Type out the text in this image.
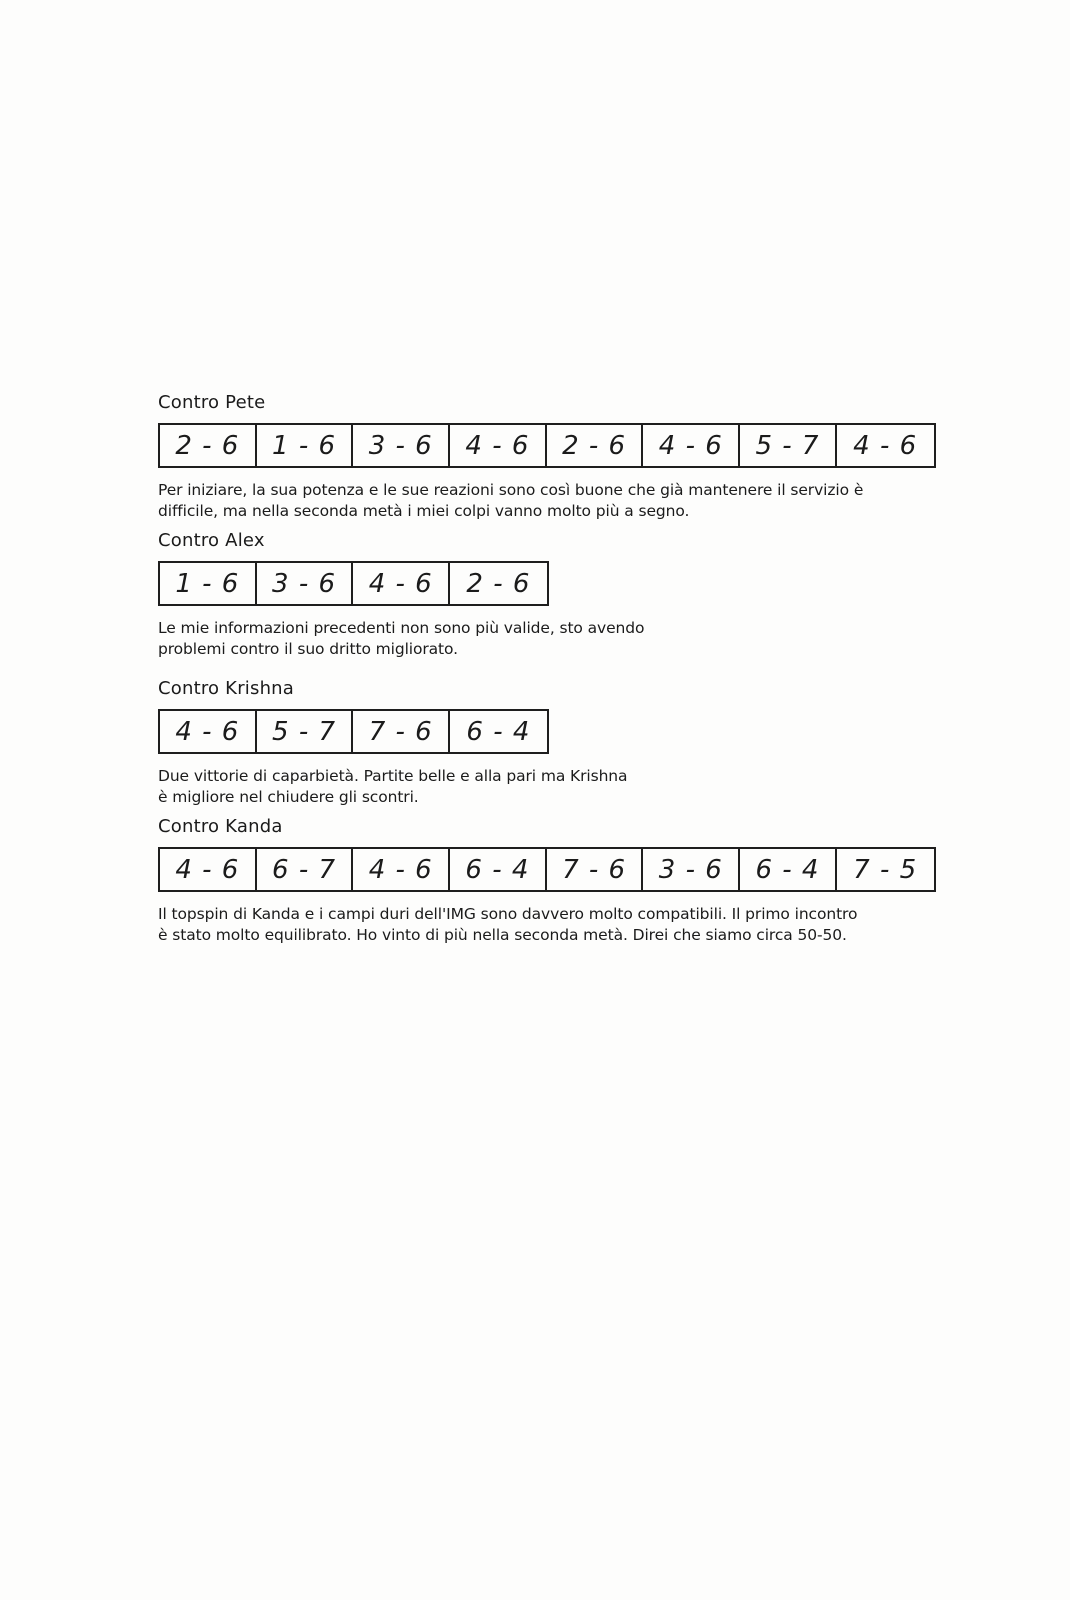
Contro Pete
2 - 6	1 - 6	3 - 6	4 - 6	2 - 6	4 - 6	5 - 7	4 - 6

Per iniziare, la sua potenza e le sue reazioni sono così buone che già mantenere il servizio è
difficile, ma nella seconda metà i miei colpi vanno molto più a segno.

Contro Alex
1 - 6	3 - 6	4 - 6	2 - 6

Le mie informazioni precedenti non sono più valide, sto avendo
problemi contro il suo dritto migliorato.

Contro Krishna
4 - 6	5 - 7	7 - 6	6 - 4

Due vittorie di caparbietà. Partite belle e alla pari ma Krishna
è migliore nel chiudere gli scontri.

Contro Kanda
4 - 6	6 - 7	4 - 6	6 - 4	7 - 6	3 - 6	6 - 4	7 - 5

Il topspin di Kanda e i campi duri dell'IMG sono davvero molto compatibili. Il primo incontro
è stato molto equilibrato. Ho vinto di più nella seconda metà. Direi che siamo circa 50-50.
